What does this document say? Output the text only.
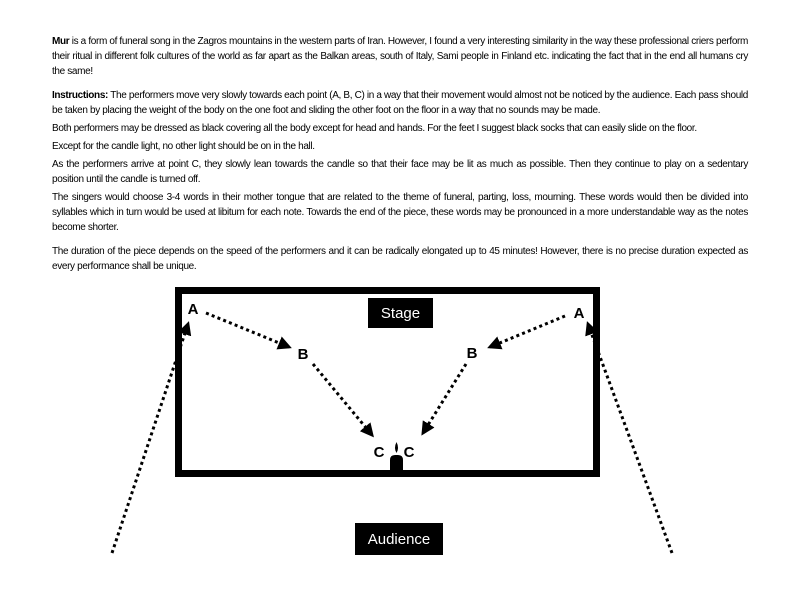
Mur is a form of funeral song in the Zagros mountains in the western parts of Iran. However, I found a very interesting similarity in the way these professional criers perform their ritual in different folk cultures of the world as far apart as the Balkan areas, south of Italy, Sami people in Finland etc. indicating the fact that in the end all humans cry the same!

Instructions: The performers move very slowly towards each point (A, B, C) in a way that their movement would almost not be noticed by the audience. Each pass should be taken by placing the weight of the body on the one foot and sliding the other foot on the floor in a way that no sounds may be made.

Both performers may be dressed as black covering all the body except for head and hands. For the feet I suggest black socks that can easily slide on the floor.

Except for the candle light, no other light should be on in the hall.

As the performers arrive at point C, they slowly lean towards the candle so that their face may be lit as much as possible. Then they continue to play on a sedentary position until the candle is turned off.

The singers would choose 3-4 words in their mother tongue that are related to the theme of funeral, parting, loss, mourning. These words would then be divided into syllables which in turn would be used at libitum for each note. Towards the end of the piece, these words may be pronounced in a more understandable way as the notes become shorter.

The duration of the piece depends on the speed of the performers and it can be radically elongated up to 45 minutes! However, there is no precise duration expected as every performance shall be unique.

Stage
Audience
A	A
B	B
C C
